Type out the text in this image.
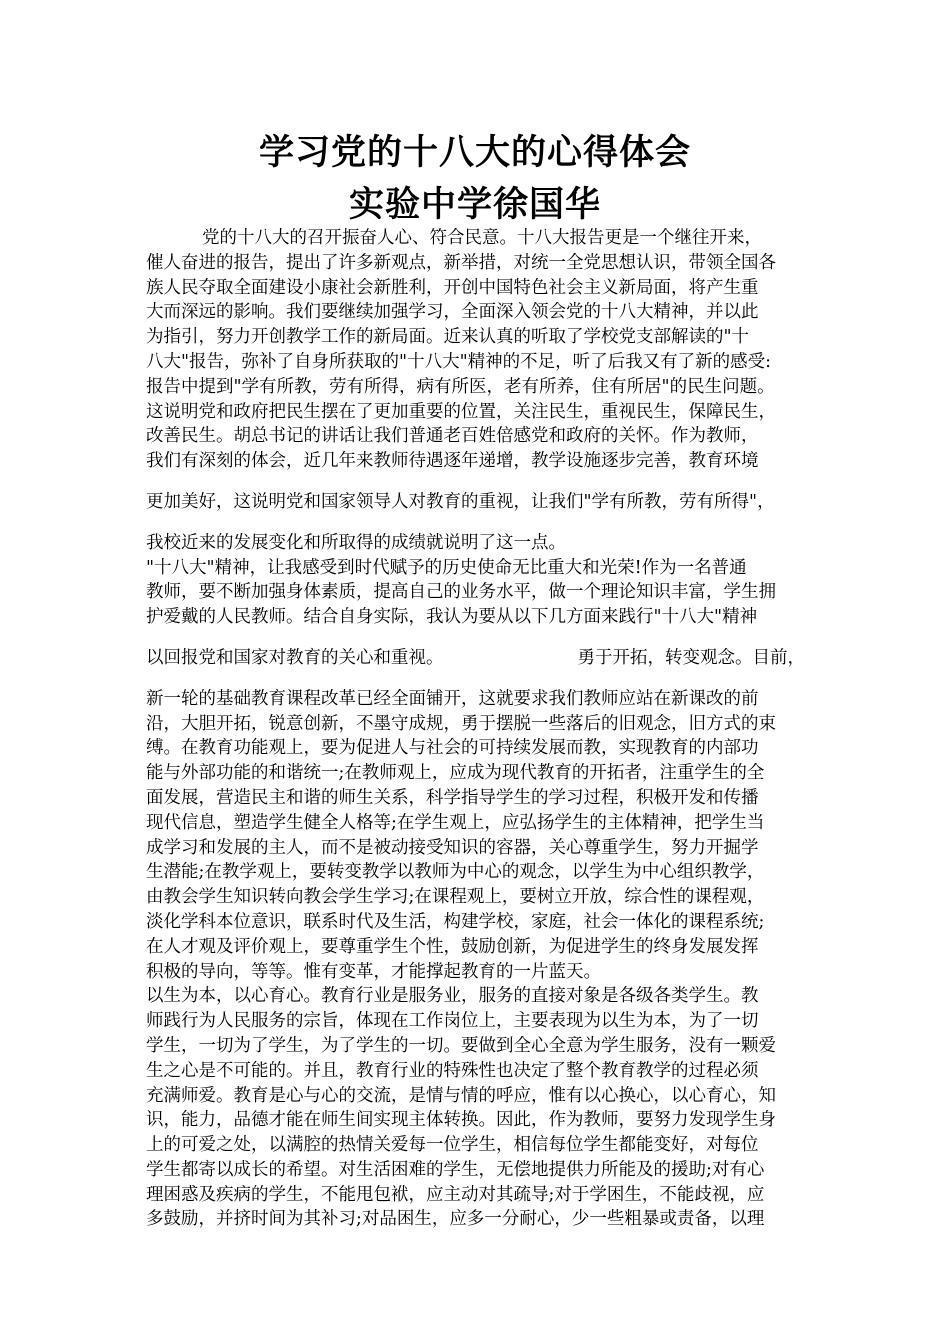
学习党的十八大的心得体会
实验中学徐国华
党的十八大的召开振奋人心、符合民意。十八大报告更是一个继往开来，
催人奋进的报告，提出了许多新观点，新举措，对统一全党思想认识，带领全国各
族人民夺取全面建设小康社会新胜利，开创中国特色社会主义新局面，将产生重
大而深远的影响。我们要继续加强学习，全面深入领会党的十八大精神，并以此
为指引，努力开创教学工作的新局面。近来认真的听取了学校党支部解读的"十
八大"报告，弥补了自身所获取的"十八大"精神的不足，听了后我又有了新的感受:
报告中提到"学有所教，劳有所得，病有所医，老有所养，住有所居"的民生问题。
这说明党和政府把民生摆在了更加重要的位置，关注民生，重视民生，保障民生，
改善民生。胡总书记的讲话让我们普通老百姓倍感党和政府的关怀。作为教师，
我们有深刻的体会，近几年来教师待遇逐年递增，教学设施逐步完善，教育环境
更加美好，这说明党和国家领导人对教育的重视，让我们"学有所教，劳有所得"，
我校近来的发展变化和所取得的成绩就说明了这一点。
"十八大"精神，让我感受到时代赋予的历史使命无比重大和光荣!作为一名普通
教师，要不断加强身体素质，提高自己的业务水平，做一个理论知识丰富，学生拥
护爱戴的人民教师。结合自身实际，我认为要从以下几方面来践行"十八大"精神
以回报党和国家对教育的关心和重视。	勇于开拓，转变观念。目前，
新一轮的基础教育课程改革已经全面铺开，这就要求我们教师应站在新课改的前
沿，大胆开拓，锐意创新，不墨守成规，勇于摆脱一些落后的旧观念，旧方式的束
缚。在教育功能观上，要为促进人与社会的可持续发展而教，实现教育的内部功
能与外部功能的和谐统一;在教师观上，应成为现代教育的开拓者，注重学生的全
面发展，营造民主和谐的师生关系，科学指导学生的学习过程，积极开发和传播
现代信息，塑造学生健全人格等;在学生观上，应弘扬学生的主体精神，把学生当
成学习和发展的主人，而不是被动接受知识的容器，关心尊重学生，努力开掘学
生潜能;在教学观上，要转变教学以教师为中心的观念，以学生为中心组织教学，
由教会学生知识转向教会学生学习;在课程观上，要树立开放，综合性的课程观，
淡化学科本位意识，联系时代及生活，构建学校，家庭，社会一体化的课程系统;
在人才观及评价观上，要尊重学生个性，鼓励创新，为促进学生的终身发展发挥
积极的导向，等等。惟有变革，才能撑起教育的一片蓝天。
以生为本，以心育心。教育行业是服务业，服务的直接对象是各级各类学生。教
师践行为人民服务的宗旨，体现在工作岗位上，主要表现为以生为本，为了一切
学生，一切为了学生，为了学生的一切。要做到全心全意为学生服务，没有一颗爱
生之心是不可能的。并且，教育行业的特殊性也决定了整个教育教学的过程必须
充满师爱。教育是心与心的交流，是情与情的呼应，惟有以心换心，以心育心，知
识，能力，品德才能在师生间实现主体转换。因此，作为教师，要努力发现学生身
上的可爱之处，以满腔的热情关爱每一位学生，相信每位学生都能变好，对每位
学生都寄以成长的希望。对生活困难的学生，无偿地提供力所能及的援助;对有心
理困惑及疾病的学生，不能甩包袱，应主动对其疏导;对于学困生，不能歧视，应
多鼓励，并挤时间为其补习;对品困生，应多一分耐心，少一些粗暴或责备，以理
